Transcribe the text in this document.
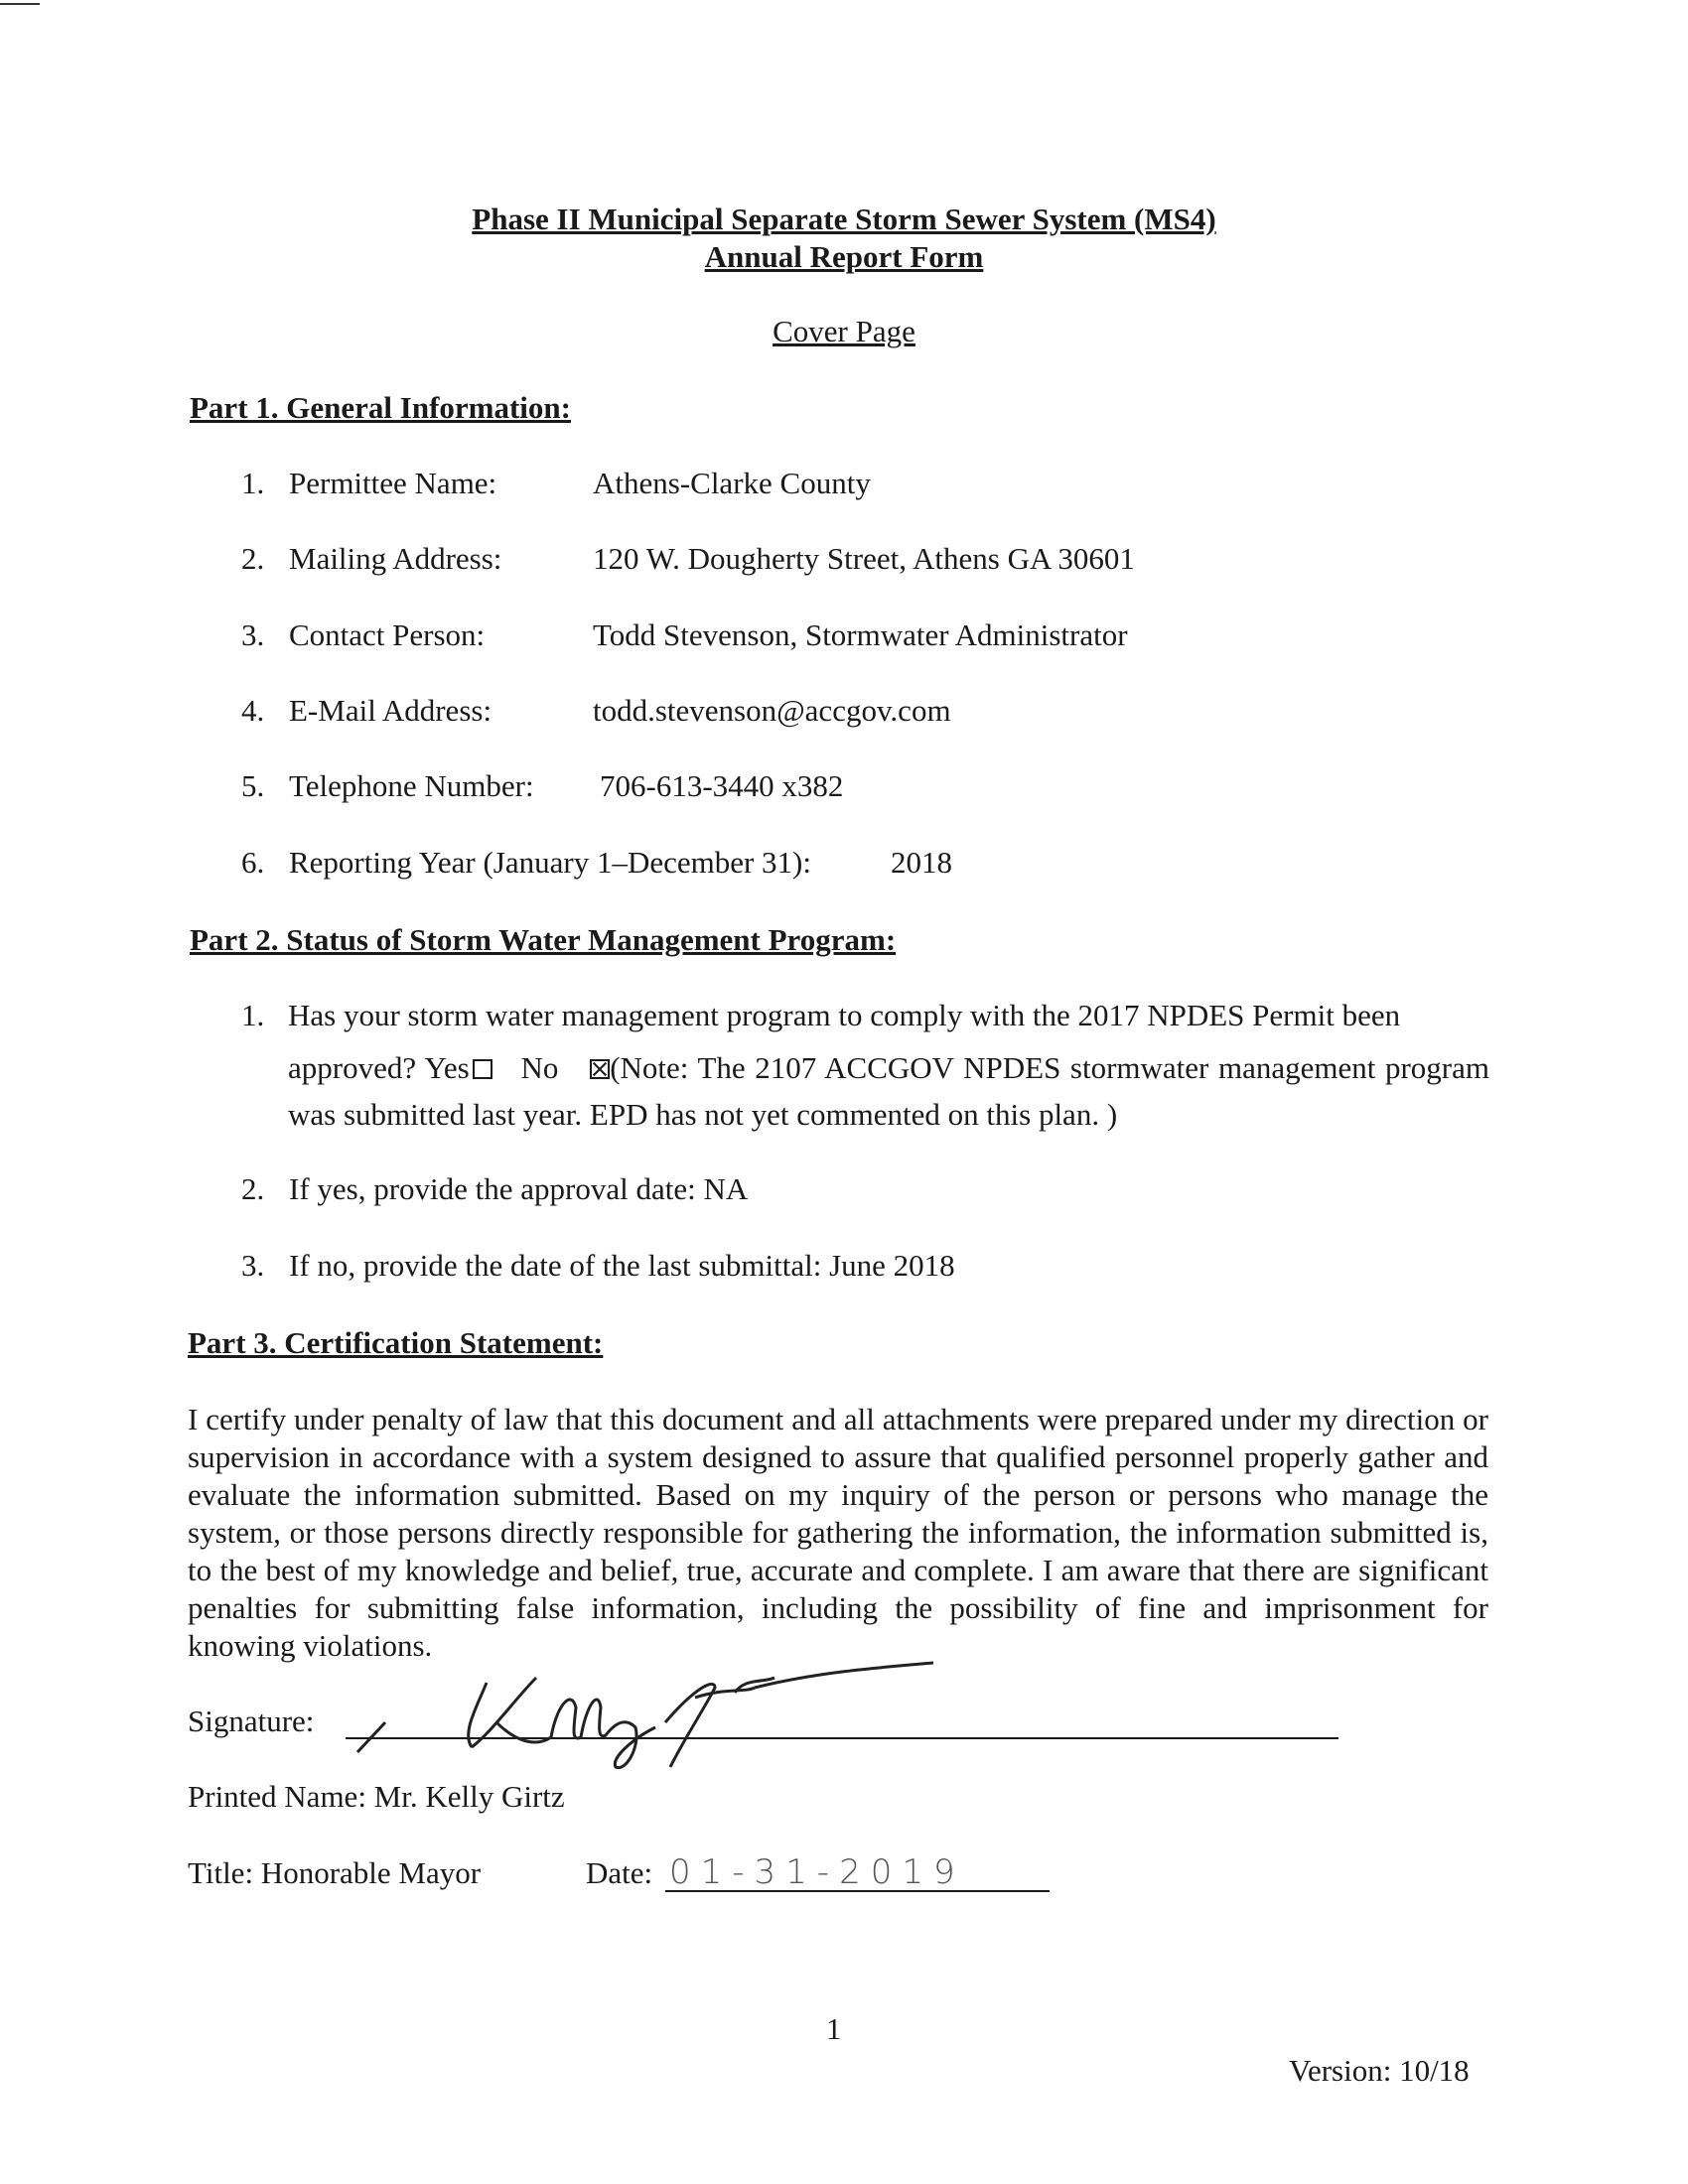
Phase II Municipal Separate Storm Sewer System (MS4)
Annual Report Form
Cover Page
Part 1. General Information:
1. Permittee Name:	Athens-Clarke County
2. Mailing Address:	120 W. Dougherty Street, Athens GA 30601
3. Contact Person:	Todd Stevenson, Stormwater Administrator
4. E-Mail Address:	todd.stevenson@accgov.com
5. Telephone Number: 706-613-3440 x382
6. Reporting Year (January 1–December 31):	2018
Part 2. Status of Storm Water Management Program:
1. Has your storm water management program to comply with the 2017 NPDES Permit been
approved? Yes No (Note: The 2107 ACCGOV NPDES stormwater management program was submitted last year. EPD has not yet commented on this plan. )
2. If yes, provide the approval date: NA
3. If no, provide the date of the last submittal: June 2018
Part 3. Certification Statement:
I certify under penalty of law that this document and all attachments were prepared under my direction or supervision in accordance with a system designed to assure that qualified personnel properly gather and evaluate the information submitted. Based on my inquiry of the person or persons who manage the system, or those persons directly responsible for gathering the information, the information submitted is, to the best of my knowledge and belief, true, accurate and complete. I am aware that there are significant penalties for submitting false information, including the possibility of fine and imprisonment for knowing violations.
Signature:
Printed Name: Mr. Kelly Girtz
Title: Honorable Mayor	Date: 01-31-2019
1
Version: 10/18
